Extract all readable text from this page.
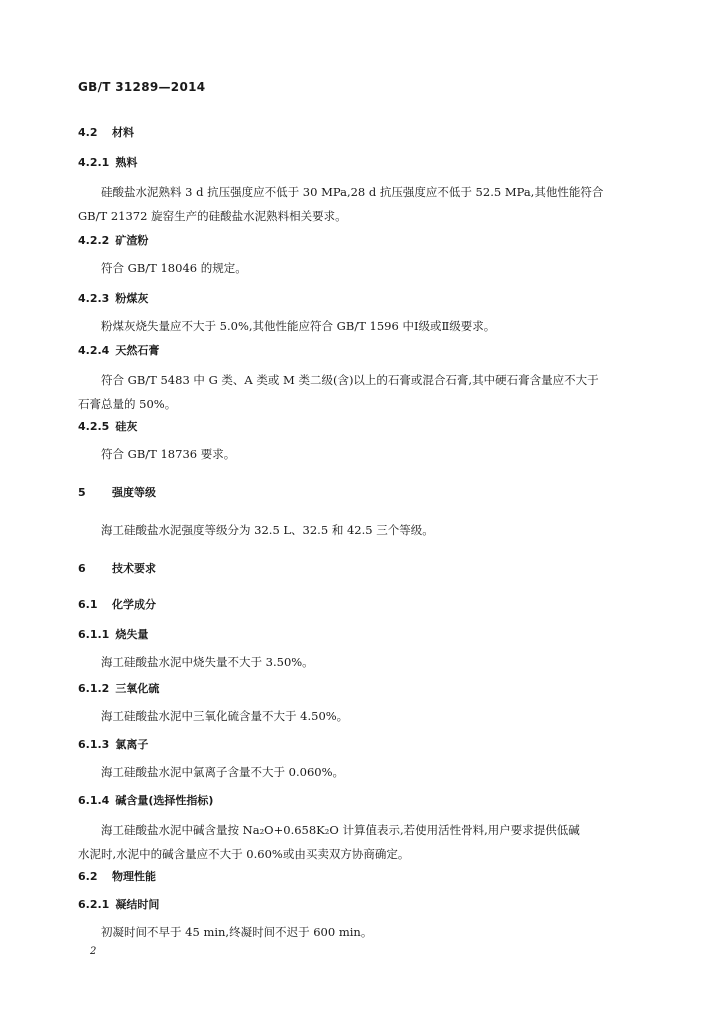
GB/T 31289—2014
4.2 材料
4.2.1 熟料
硅酸盐水泥熟料 3 d 抗压强度应不低于 30 MPa,28 d 抗压强度应不低于 52.5 MPa,其他性能符合
GB/T 21372 旋窑生产的硅酸盐水泥熟料相关要求。
4.2.2 矿渣粉
符合 GB/T 18046 的规定。
4.2.3 粉煤灰
粉煤灰烧失量应不大于 5.0%,其他性能应符合 GB/T 1596 中Ⅰ级或Ⅱ级要求。
4.2.4 天然石膏
符合 GB/T 5483 中 G 类、A 类或 M 类二级(含)以上的石膏或混合石膏,其中硬石膏含量应不大于
石膏总量的 50%。
4.2.5 硅灰
符合 GB/T 18736 要求。
5 强度等级
海工硅酸盐水泥强度等级分为 32.5 L、32.5 和 42.5 三个等级。
6 技术要求
6.1 化学成分
6.1.1 烧失量
海工硅酸盐水泥中烧失量不大于 3.50%。
6.1.2 三氧化硫
海工硅酸盐水泥中三氧化硫含量不大于 4.50%。
6.1.3 氯离子
海工硅酸盐水泥中氯离子含量不大于 0.060%。
6.1.4 碱含量(选择性指标)
海工硅酸盐水泥中碱含量按 Na₂O+0.658K₂O 计算值表示,若使用活性骨料,用户要求提供低碱
水泥时,水泥中的碱含量应不大于 0.60%或由买卖双方协商确定。
6.2 物理性能
6.2.1 凝结时间
初凝时间不早于 45 min,终凝时间不迟于 600 min。
2
